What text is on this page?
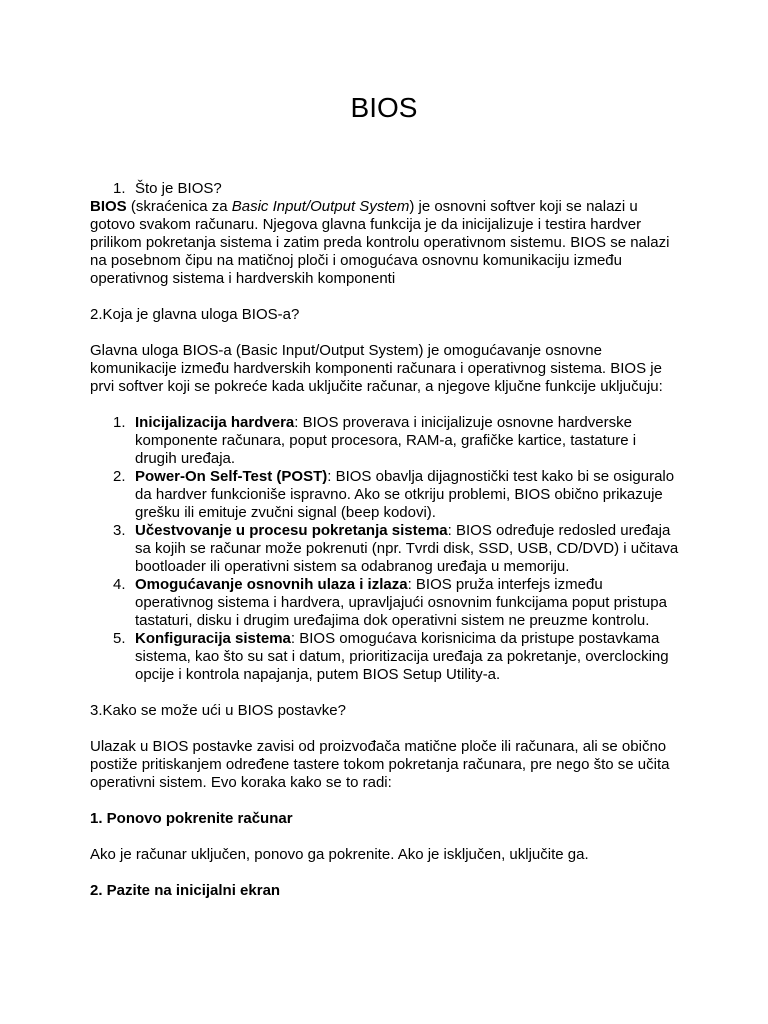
BIOS

1. Što je BIOS?

BIOS (skraćenica za Basic Input/Output System) je osnovni softver koji se nalazi u gotovo svakom računaru. Njegova glavna funkcija je da inicijalizuje i testira hardver prilikom pokretanja sistema i zatim preda kontrolu operativnom sistemu. BIOS se nalazi na posebnom čipu na matičnoj ploči i omogućava osnovnu komunikaciju između operativnog sistema i hardverskih komponenti

2.Koja je glavna uloga BIOS-a?

Glavna uloga BIOS-a (Basic Input/Output System) je omogućavanje osnovne komunikacije između hardverskih komponenti računara i operativnog sistema. BIOS je prvi softver koji se pokreće kada uključite računar, a njegove ključne funkcije uključuju:

1. Inicijalizacija hardvera: BIOS proverava i inicijalizuje osnovne hardverske komponente računara, poput procesora, RAM-a, grafičke kartice, tastature i drugih uređaja.
2. Power-On Self-Test (POST): BIOS obavlja dijagnostički test kako bi se osiguralo da hardver funkcioniše ispravno. Ako se otkriju problemi, BIOS obično prikazuje grešku ili emituje zvučni signal (beep kodovi).
3. Učestvovanje u procesu pokretanja sistema: BIOS određuje redosled uređaja sa kojih se računar može pokrenuti (npr. Tvrdi disk, SSD, USB, CD/DVD) i učitava bootloader ili operativni sistem sa odabranog uređaja u memoriju.
4. Omogućavanje osnovnih ulaza i izlaza: BIOS pruža interfejs između operativnog sistema i hardvera, upravljajući osnovnim funkcijama poput pristupa tastaturi, disku i drugim uređajima dok operativni sistem ne preuzme kontrolu.
5. Konfiguracija sistema: BIOS omogućava korisnicima da pristupe postavkama sistema, kao što su sat i datum, prioritizacija uređaja za pokretanje, overclocking opcije i kontrola napajanja, putem BIOS Setup Utility-a.

3.Kako se može ući u BIOS postavke?

Ulazak u BIOS postavke zavisi od proizvođača matične ploče ili računara, ali se obično postiže pritiskanjem određene tastere tokom pokretanja računara, pre nego što se učita operativni sistem. Evo koraka kako se to radi:

1. Ponovo pokrenite računar

Ako je računar uključen, ponovo ga pokrenite. Ako je isključen, uključite ga.

2. Pazite na inicijalni ekran
